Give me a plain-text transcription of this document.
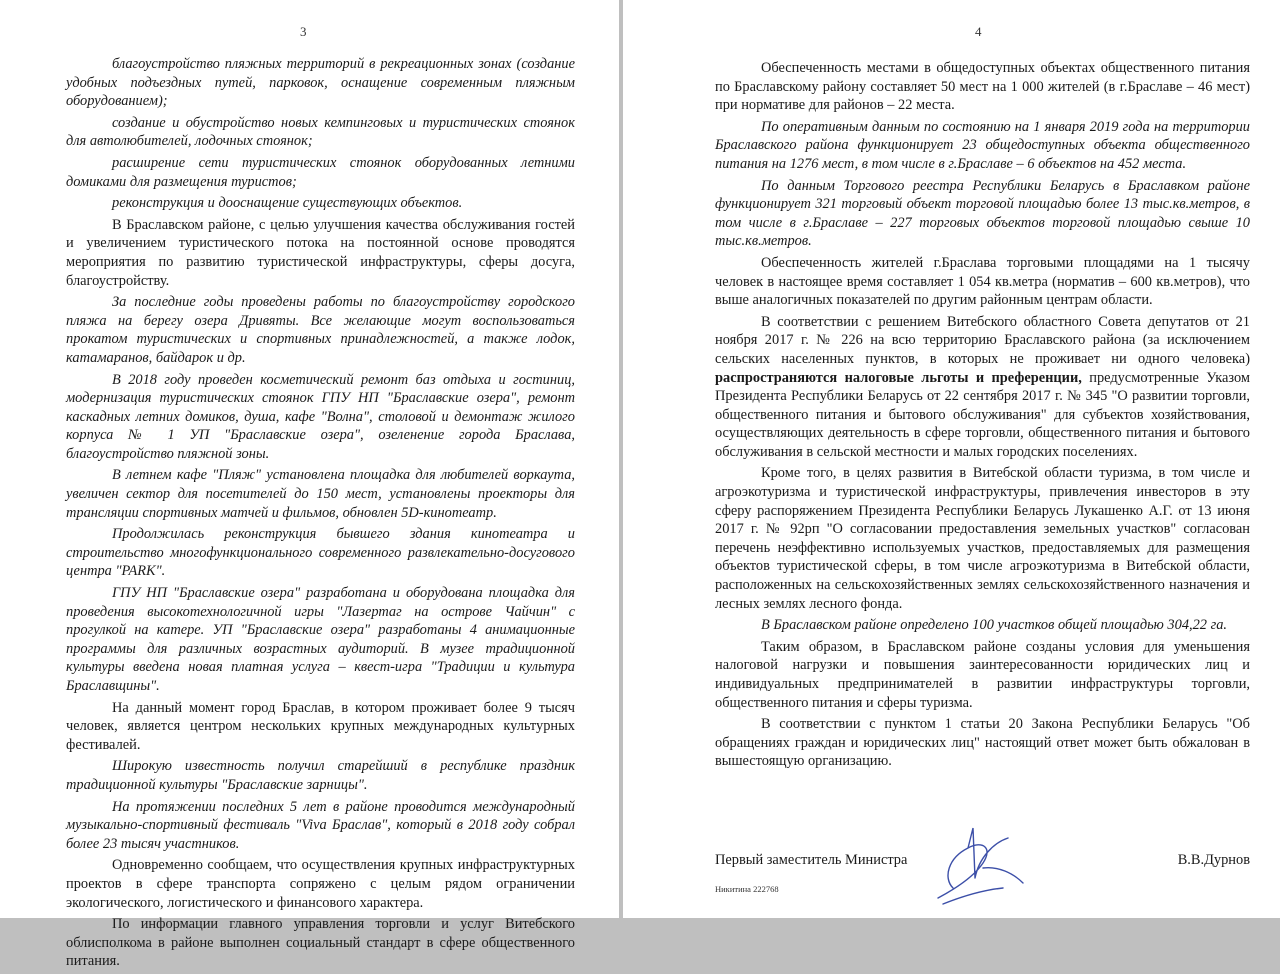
3

благоустройство пляжных территорий в рекреационных зонах (создание удобных подъездных путей, парковок, оснащение современным пляжным оборудованием);

создание и обустройство новых кемпинговых и туристических стоянок для автолюбителей, лодочных стоянок;

расширение сети туристических стоянок оборудованных летними домиками для размещения туристов;

реконструкция и дооснащение существующих объектов.

В Браславском районе, с целью улучшения качества обслуживания гостей и увеличением туристического потока на постоянной основе проводятся мероприятия по развитию туристической инфраструктуры, сферы досуга, благоустройству.

За последние годы проведены работы по благоустройству городского пляжа на берегу озера Дривяты. Все желающие могут воспользоваться прокатом туристических и спортивных принадлежностей, а также лодок, катамаранов, байдарок и др.

В 2018 году проведен косметический ремонт баз отдыха и гостиниц, модернизация туристических стоянок ГПУ НП "Браславские озера", ремонт каскадных летних домиков, душа, кафе "Волна", столовой и демонтаж жилого корпуса № 1 УП "Браславские озера", озеленение города Браслава, благоустройство пляжной зоны.

В летнем кафе "Пляж" установлена площадка для любителей воркаута, увеличен сектор для посетителей до 150 мест, установлены проекторы для трансляции спортивных матчей и фильмов, обновлен 5D-кинотеатр.

Продолжилась реконструкция бывшего здания кинотеатра и строительство многофункционального современного развлекательно-досугового центра "PARK".

ГПУ НП "Браславские озера" разработана и оборудована площадка для проведения высокотехнологичной игры "Лазертаг на острове Чайчин" с прогулкой на катере. УП "Браславские озера" разработаны 4 анимационные программы для различных возрастных аудиторий. В музее традиционной культуры введена новая платная услуга – квест-игра "Традиции и культура Браславщины".

На данный момент город Браслав, в котором проживает более 9 тысяч человек, является центром нескольких крупных международных культурных фестивалей.

Широкую известность получил старейший в республике праздник традиционной культуры "Браславские зарницы".

На протяжении последних 5 лет в районе проводится международный музыкально-спортивный фестиваль "Viva Браслав", который в 2018 году собрал более 23 тысяч участников.

Одновременно сообщаем, что осуществления крупных инфраструктурных проектов в сфере транспорта сопряжено с целым рядом ограничении экологического, логистического и финансового характера.

По информации главного управления торговли и услуг Витебского облисполкома в районе выполнен социальный стандарт в сфере общественного питания.

4

Обеспеченность местами в общедоступных объектах общественного питания по Браславскому району составляет 50 мест на 1 000 жителей (в г.Браславе – 46 мест) при нормативе для районов – 22 места.

По оперативным данным по состоянию на 1 января 2019 года на территории Браславского района функционирует 23 общедоступных объекта общественного питания на 1276 мест, в том числе в г.Браславе – 6 объектов на 452 места.

По данным Торгового реестра Республики Беларусь в Браславком районе функционирует 321 торговый объект торговой площадью более 13 тыс.кв.метров, в том числе в г.Браславе – 227 торговых объектов торговой площадью свыше 10 тыс.кв.метров.

Обеспеченность жителей г.Браслава торговыми площадями на 1 тысячу человек в настоящее время составляет 1 054 кв.метра (норматив – 600 кв.метров), что выше аналогичных показателей по другим районным центрам области.

В соответствии с решением Витебского областного Совета депутатов от 21 ноября 2017 г. № 226 на всю территорию Браславского района (за исключением сельских населенных пунктов, в которых не проживает ни одного человека) распространяются налоговые льготы и преференции, предусмотренные Указом Президента Республики Беларусь от 22 сентября 2017 г. № 345 "О развитии торговли, общественного питания и бытового обслуживания" для субъектов хозяйствования, осуществляющих деятельность в сфере торговли, общественного питания и бытового обслуживания в сельской местности и малых городских поселениях.

Кроме того, в целях развития в Витебской области туризма, в том числе и агроэкотуризма и туристической инфраструктуры, привлечения инвесторов в эту сферу распоряжением Президента Республики Беларусь Лукашенко А.Г. от 13 июня 2017 г. № 92рп "О согласовании предоставления земельных участков" согласован перечень неэффективно используемых участков, предоставляемых для размещения объектов туристической сферы, в том числе агроэкотуризма в Витебской области, расположенных на сельскохозяйственных землях сельскохозяйственного назначения и лесных землях лесного фонда.

В Браславском районе определено 100 участков общей площадью 304,22 га.

Таким образом, в Браславском районе созданы условия для уменьшения налоговой нагрузки и повышения заинтересованности юридических лиц и индивидуальных предпринимателей в развитии инфраструктуры торговли, общественного питания и сферы туризма.

В соответствии с пунктом 1 статьи 20 Закона Республики Беларусь "Об обращениях граждан и юридических лиц" настоящий ответ может быть обжалован в вышестоящую организацию.

Первый заместитель Министра	В.В.Дурнов
Никитина 222768
